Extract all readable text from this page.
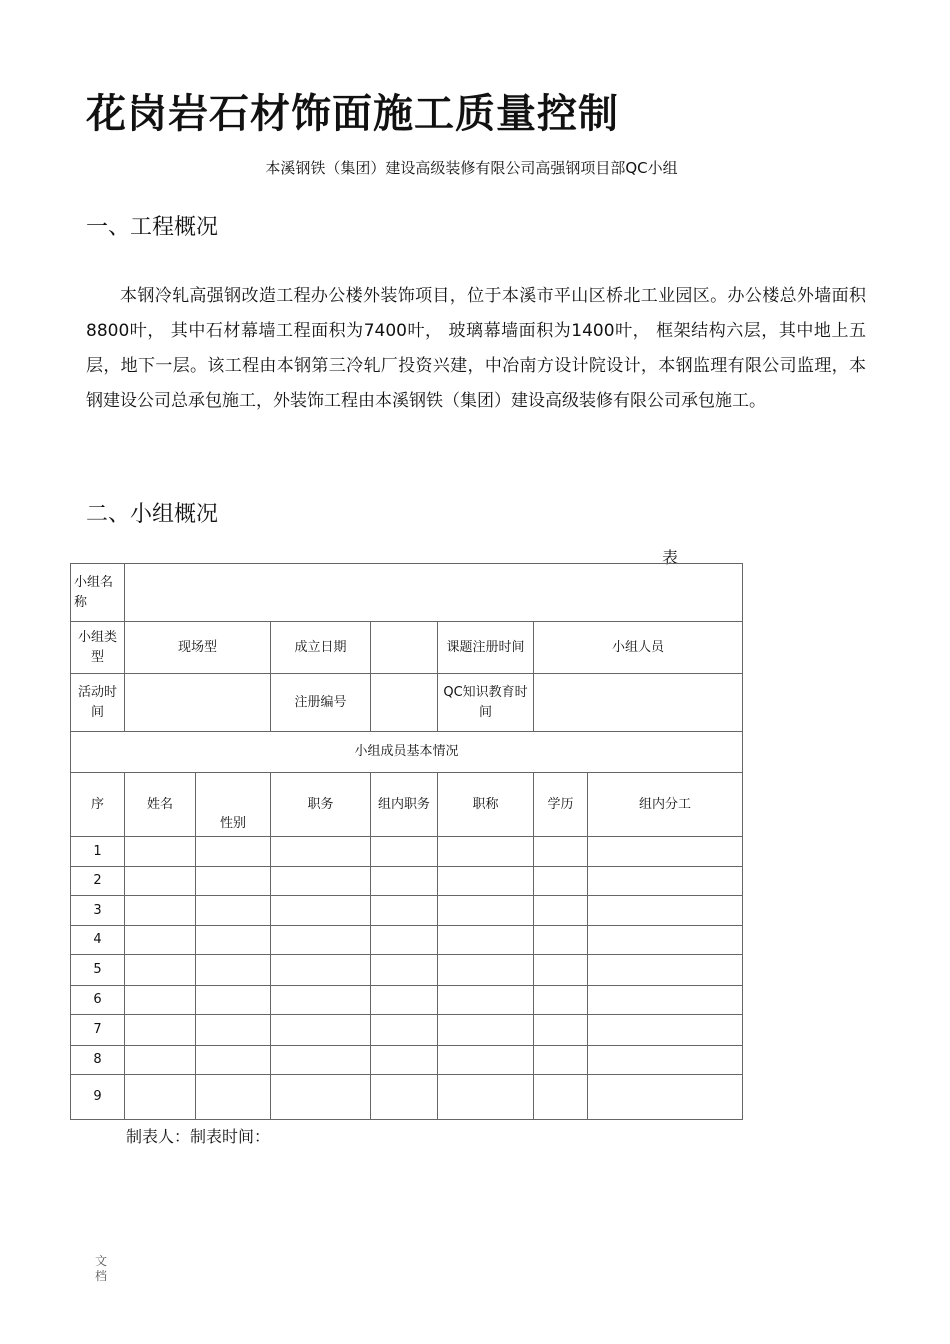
花岗岩石材饰面施工质量控制
本溪钢铁（集团）建设高级装修有限公司高强钢项目部QC小组
一、工程概况

本钢冷轧高强钢改造工程办公楼外装饰项目，位于本溪市平山区桥北工业园区。办公楼总外墙面积8800叶， 其中石材幕墙工程面积为7400叶， 玻璃幕墙面积为1400叶， 框架结构六层，其中地上五层，地下一层。该工程由本钢第三冷轧厂投资兴建，中冶南方设计院设计，本钢监理有限公司监理，本钢建设公司总承包施工，外装饰工程由本溪钢铁（集团）建设高级装修有限公司承包施工。

二、小组概况
表
小组名称							
小组类型	现场型		成立日期		课题注册时间	小组人员	
活动时间			注册编号		QC知识教育时间		
小组成员基本情况							
序	姓名	性别	职务	组内职务	职称	学历	组内分工
1							
2							
3							
4							
5							
6							
7							
8							
9							
制表人：制表时间：
文档
